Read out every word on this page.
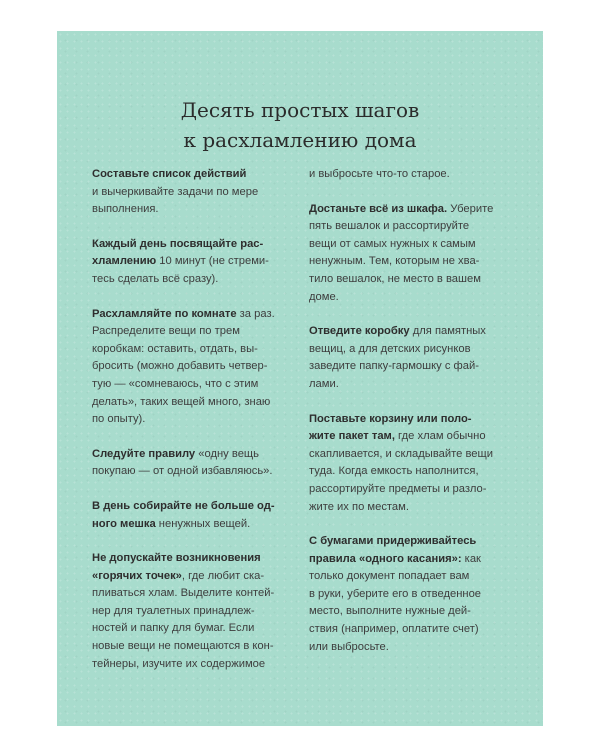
Десять простых шагов
к расхламлению дома

Составьте список действий
и вычеркивайте задачи по мере
выполнения.

Каждый день посвящайте рас-
хламлению 10 минут (не стреми-
тесь сделать всё сразу).

Расхламляйте по комнате за раз.
Распределите вещи по трем
коробкам: оставить, отдать, вы-
бросить (можно добавить четвер-
тую — «сомневаюсь, что с этим
делать», таких вещей много, знаю
по опыту).

Следуйте правилу «одну вещь
покупаю — от одной избавляюсь».

В день собирайте не больше од-
ного мешка ненужных вещей.

Не допускайте возникновения
«горячих точек», где любит ска-
пливаться хлам. Выделите контей-
нер для туалетных принадлеж-
ностей и папку для бумаг. Если
новые вещи не помещаются в кон-
тейнеры, изучите их содержимое

и выбросьте что-то старое.

Достаньте всё из шкафа. Уберите
пять вешалок и рассортируйте
вещи от самых нужных к самым
ненужным. Тем, которым не хва-
тило вешалок, не место в вашем
доме.

Отведите коробку для памятных
вещиц, а для детских рисунков
заведите папку-гармошку с фай-
лами.

Поставьте корзину или поло-
жите пакет там, где хлам обычно
скапливается, и складывайте вещи
туда. Когда емкость наполнится,
рассортируйте предметы и разло-
жите их по местам.

С бумагами придерживайтесь
правила «одного касания»: как
только документ попадает вам
в руки, уберите его в отведенное
место, выполните нужные дей-
ствия (например, оплатите счет)
или выбросьте.
